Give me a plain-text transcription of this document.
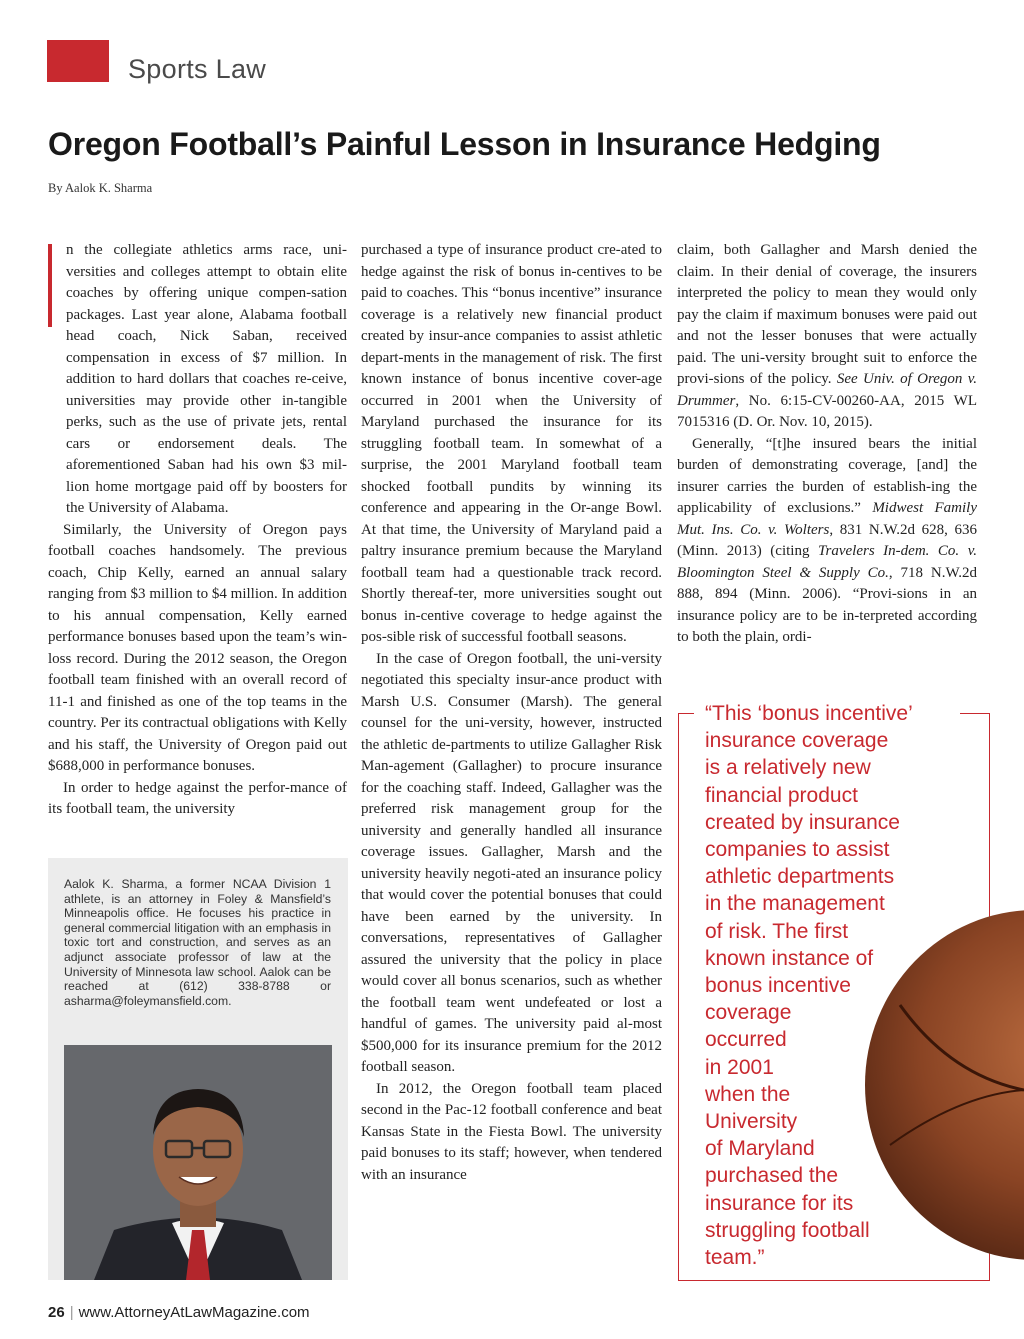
Sports Law
Oregon Football’s Painful Lesson in Insurance Hedging
By Aalok K. Sharma

n the collegiate athletics arms race, uni-versities and colleges attempt to obtain elite coaches by offering unique compen-sation packages. Last year alone, Alabama football head coach, Nick Saban, received compensation in excess of $7 million. In addition to hard dollars that coaches re-ceive, universities may provide other in-tangible perks, such as the use of private jets, rental cars or endorsement deals. The aforementioned Saban had his own $3 mil-lion home mortgage paid off by boosters for the University of Alabama.

Similarly, the University of Oregon pays football coaches handsomely. The previous coach, Chip Kelly, earned an annual salary ranging from $3 million to $4 million. In addition to his annual compensation, Kelly earned performance bonuses based upon the team’s win-loss record. During the 2012 season, the Oregon football team finished with an overall record of 11-1 and finished as one of the top teams in the country. Per its contractual obligations with Kelly and his staff, the University of Oregon paid out $688,000 in performance bonuses.

In order to hedge against the perfor-mance of its football team, the university

Aalok K. Sharma, a former NCAA Division 1 athlete, is an attorney in Foley & Mansfield’s Minneapolis office. He focuses his practice in general commercial litigation with an emphasis in toxic tort and construction, and serves as an adjunct associate professor of law at the University of Minnesota law school. Aalok can be reached at (612) 338-8788 or asharma@foleymansfield.com.

purchased a type of insurance product cre-ated to hedge against the risk of bonus in-centives to be paid to coaches. This “bonus incentive” insurance coverage is a relatively new financial product created by insur-ance companies to assist athletic depart-ments in the management of risk. The first known instance of bonus incentive cover-age occurred in 2001 when the University of Maryland purchased the insurance for its struggling football team. In somewhat of a surprise, the 2001 Maryland football team shocked football pundits by winning its conference and appearing in the Or-ange Bowl. At that time, the University of Maryland paid a paltry insurance premium because the Maryland football team had a questionable track record. Shortly thereaf-ter, more universities sought out bonus in-centive coverage to hedge against the pos-sible risk of successful football seasons.

In the case of Oregon football, the uni-versity negotiated this specialty insur-ance product with Marsh U.S. Consumer (Marsh). The general counsel for the uni-versity, however, instructed the athletic de-partments to utilize Gallagher Risk Man-agement (Gallagher) to procure insurance for the coaching staff. Indeed, Gallagher was the preferred risk management group for the university and generally handled all insurance coverage issues. Gallagher, Marsh and the university heavily negoti-ated an insurance policy that would cover the potential bonuses that could have been earned by the university. In conversations, representatives of Gallagher assured the university that the policy in place would cover all bonus scenarios, such as whether the football team went undefeated or lost a handful of games. The university paid al-most $500,000 for its insurance premium for the 2012 football season.

In 2012, the Oregon football team placed second in the Pac-12 football conference and beat Kansas State in the Fiesta Bowl. The university paid bonuses to its staff; however, when tendered with an insurance

claim, both Gallagher and Marsh denied the claim. In their denial of coverage, the insurers interpreted the policy to mean they would only pay the claim if maximum bonuses were paid out and not the lesser bonuses that were actually paid. The uni-versity brought suit to enforce the provi-sions of the policy. See Univ. of Oregon v. Drummer, No. 6:15-CV-00260-AA, 2015 WL 7015316 (D. Or. Nov. 10, 2015).

Generally, “[t]he insured bears the initial burden of demonstrating coverage, [and] the insurer carries the burden of establish-ing the applicability of exclusions.” Midwest Family Mut. Ins. Co. v. Wolters, 831 N.W.2d 628, 636 (Minn. 2013) (citing Travelers In-dem. Co. v. Bloomington Steel & Supply Co., 718 N.W.2d 888, 894 (Minn. 2006). “Provi-sions in an insurance policy are to be in-terpreted according to both the plain, ordi-

“This ‘bonus incentive’
insurance coverage
is a relatively new
financial product
created by insurance
companies to assist
athletic departments
in the management
of risk. The first
known instance of
bonus incentive
coverage
occurred
in 2001
when the
University
of Maryland
purchased the
insurance for its
struggling football
team.”
26 | www.AttorneyAtLawMagazine.com
